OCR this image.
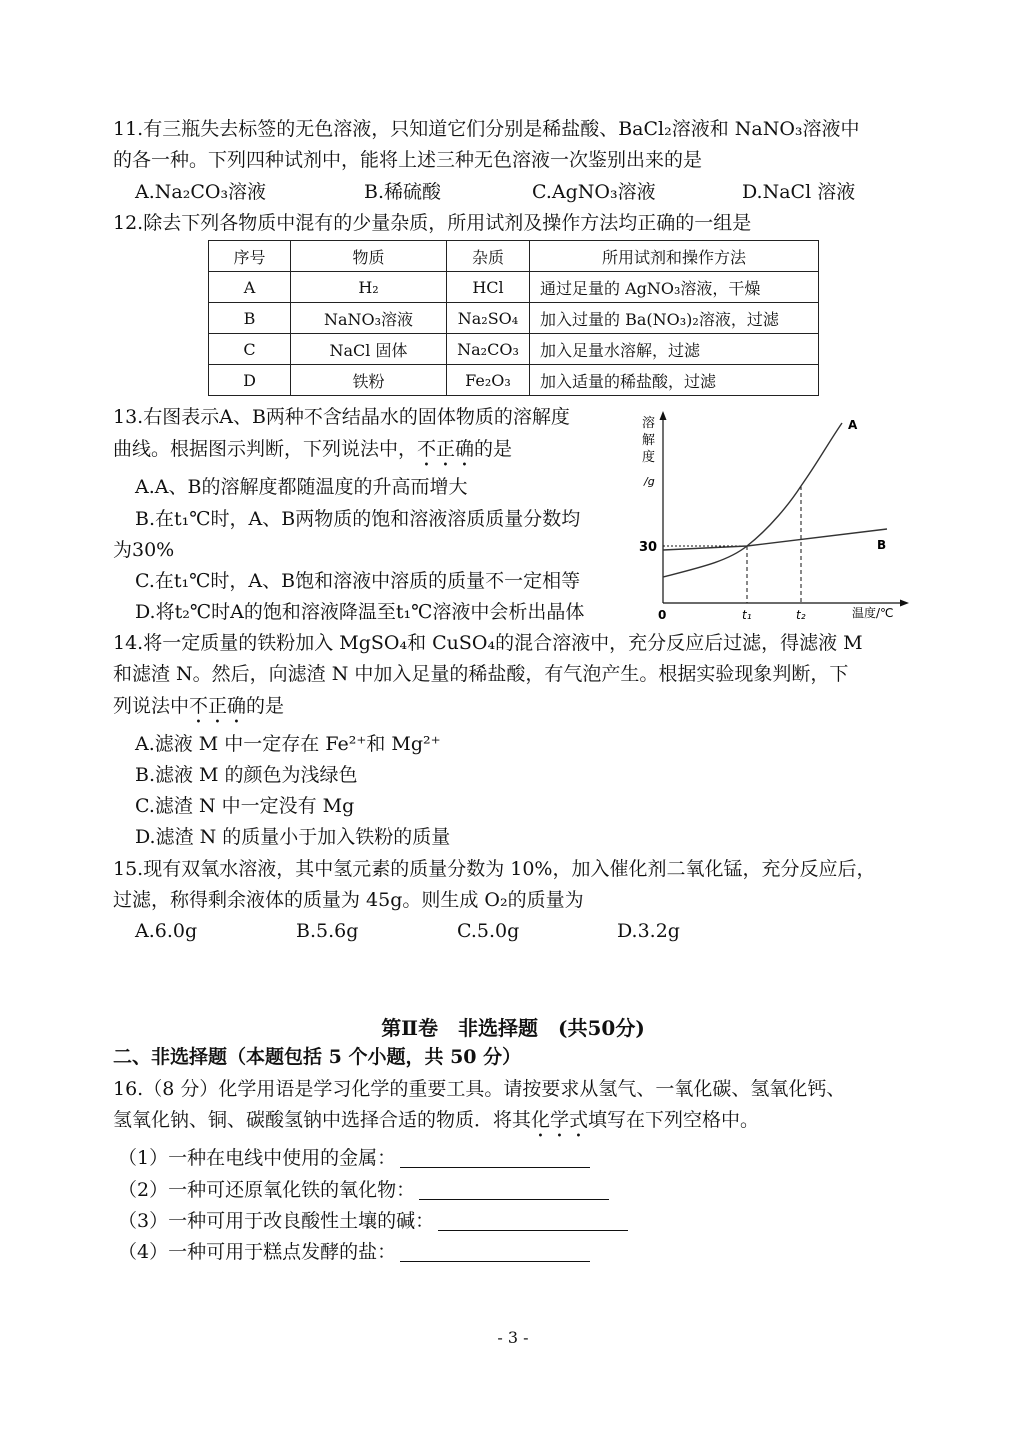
11.有三瓶失去标签的无色溶液，只知道它们分别是稀盐酸、BaCl₂溶液和 NaNO₃溶液中
的各一种。下列四种试剂中，能将上述三种无色溶液一次鉴别出来的是
A.Na₂CO₃溶液	B.稀硫酸	C.AgNO₃溶液	D.NaCl 溶液
12.除去下列各物质中混有的少量杂质，所用试剂及操作方法均正确的一组是
序号	物质	杂质	所用试剂和操作方法
A	H₂	HCl	通过足量的 AgNO₃溶液，干燥
B	NaNO₃溶液	Na₂SO₄	加入过量的 Ba(NO₃)₂溶液，过滤
C	NaCl 固体	Na₂CO₃	加入足量水溶解，过滤
D	铁粉	Fe₂O₃	加入适量的稀盐酸，过滤
13.右图表示A、B两种不含结晶水的固体物质的溶解度
曲线。根据图示判断，下列说法中，不正确的是
A.A、B的溶解度都随温度的升高而增大
B.在t₁℃时，A、B两物质的饱和溶液溶质质量分数均
为30%
C.在t₁℃时，A、B饱和溶液中溶质的质量不一定相等
D.将t₂℃时A的饱和溶液降温至t₁℃溶液中会析出晶体
溶
解
度
/g
30
0	t₁	t₂	温度/℃
A
B
14.将一定质量的铁粉加入 MgSO₄和 CuSO₄的混合溶液中，充分反应后过滤，得滤液 M
和滤渣 N。然后，向滤渣 N 中加入足量的稀盐酸，有气泡产生。根据实验现象判断，下
列说法中不正确的是
A.滤液 M 中一定存在 Fe²⁺和 Mg²⁺
B.滤液 M 的颜色为浅绿色
C.滤渣 N 中一定没有 Mg
D.滤渣 N 的质量小于加入铁粉的质量
15.现有双氧水溶液，其中氢元素的质量分数为 10%，加入催化剂二氧化锰，充分反应后，
过滤，称得剩余液体的质量为 45g。则生成 O₂的质量为
A.6.0g	B.5.6g	C.5.0g	D.3.2g
第Ⅱ卷　非选择题　(共50分)
二、非选择题（本题包括 5 个小题，共 50 分）
16.（8 分）化学用语是学习化学的重要工具。请按要求从氢气、一氧化碳、氢氧化钙、
氢氧化钠、铜、碳酸氢钠中选择合适的物质．将其化学式填写在下列空格中。
（1）一种在电线中使用的金属：
（2）一种可还原氧化铁的氧化物：
（3）一种可用于改良酸性土壤的碱：
（4）一种可用于糕点发酵的盐：
- 3 -
